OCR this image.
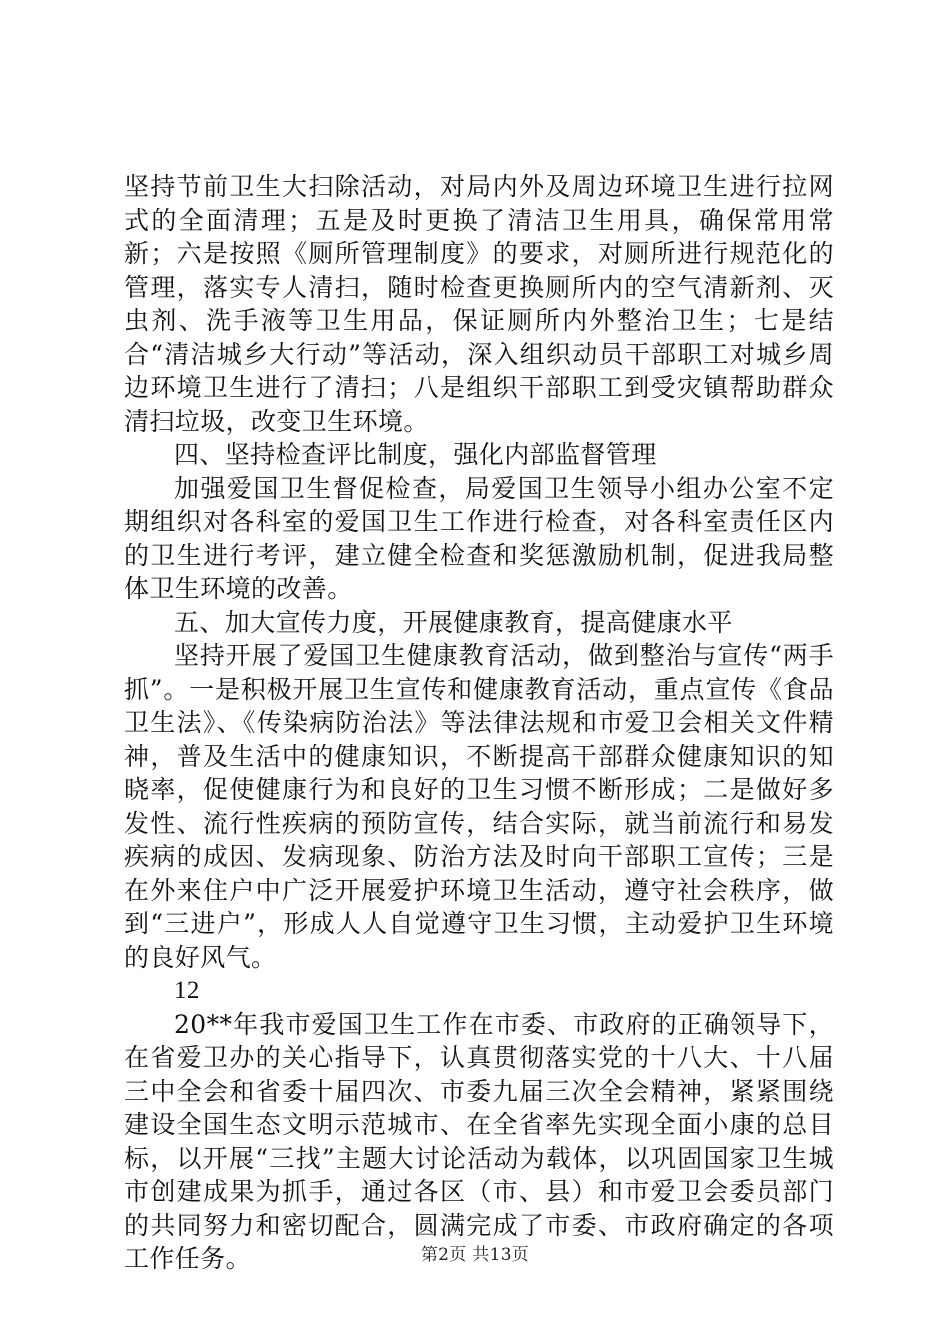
坚持节前卫生大扫除活动，对局内外及周边环境卫生进行拉网式的全面清理；五是及时更换了清洁卫生用具，确保常用常新；六是按照《厕所管理制度》的要求，对厕所进行规范化的管理，落实专人清扫，随时检查更换厕所内的空气清新剂、灭虫剂、洗手液等卫生用品，保证厕所内外整治卫生；七是结合“清洁城乡大行动”等活动，深入组织动员干部职工对城乡周边环境卫生进行了清扫；八是组织干部职工到受灾镇帮助群众清扫垃圾，改变卫生环境。

四、坚持检查评比制度，强化内部监督管理

加强爱国卫生督促检查，局爱国卫生领导小组办公室不定期组织对各科室的爱国卫生工作进行检查，对各科室责任区内的卫生进行考评，建立健全检查和奖惩激励机制，促进我局整体卫生环境的改善。

五、加大宣传力度，开展健康教育，提高健康水平

坚持开展了爱国卫生健康教育活动，做到整治与宣传“两手抓”。一是积极开展卫生宣传和健康教育活动，重点宣传《食品卫生法》、《传染病防治法》等法律法规和市爱卫会相关文件精神，普及生活中的健康知识，不断提高干部群众健康知识的知晓率，促使健康行为和良好的卫生习惯不断形成；二是做好多发性、流行性疾病的预防宣传，结合实际，就当前流行和易发疾病的成因、发病现象、防治方法及时向干部职工宣传；三是在外来住户中广泛开展爱护环境卫生活动，遵守社会秩序，做到“三进户”，形成人人自觉遵守卫生习惯，主动爱护卫生环境的良好风气。

12

20**年我市爱国卫生工作在市委、市政府的正确领导下，在省爱卫办的关心指导下，认真贯彻落实党的十八大、十八届三中全会和省委十届四次、市委九届三次全会精神，紧紧围绕建设全国生态文明示范城市、在全省率先实现全面小康的总目标，以开展“三找”主题大讨论活动为载体，以巩固国家卫生城市创建成果为抓手，通过各区（市、县）和市爱卫会委员部门的共同努力和密切配合，圆满完成了市委、市政府确定的各项工作任务。	第2页 共13页
